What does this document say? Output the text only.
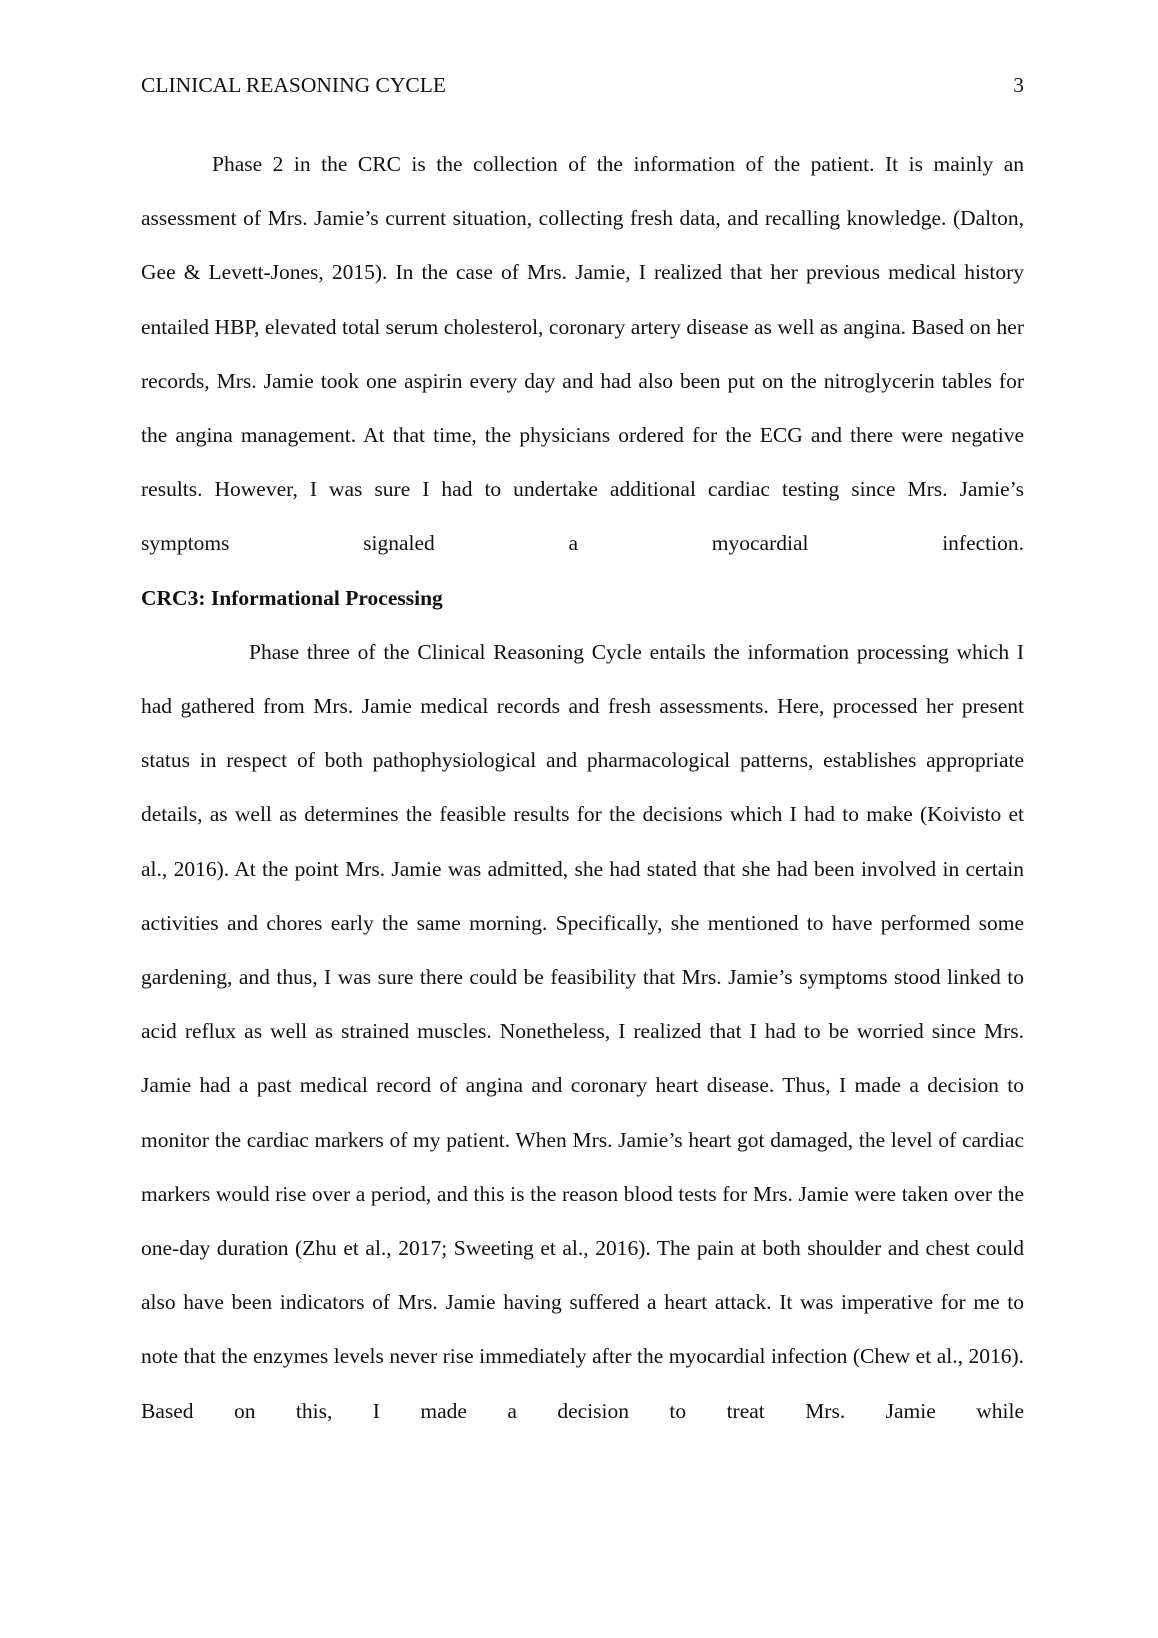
CLINICAL REASONING CYCLE	3

Phase 2 in the CRC is the collection of the information of the patient. It is mainly an assessment of Mrs. Jamie’s current situation, collecting fresh data, and recalling knowledge. (Dalton, Gee & Levett-Jones, 2015). In the case of Mrs. Jamie, I realized that her previous medical history entailed HBP, elevated total serum cholesterol, coronary artery disease as well as angina. Based on her records, Mrs. Jamie took one aspirin every day and had also been put on the nitroglycerin tables for the angina management. At that time, the physicians ordered for the ECG and there were negative results. However, I was sure I had to undertake additional cardiac testing since Mrs. Jamie’s symptoms signaled a myocardial infection.

CRC3: Informational Processing

Phase three of the Clinical Reasoning Cycle entails the information processing which I had gathered from Mrs. Jamie medical records and fresh assessments. Here, processed her present status in respect of both pathophysiological and pharmacological patterns, establishes appropriate details, as well as determines the feasible results for the decisions which I had to make (Koivisto et al., 2016). At the point Mrs. Jamie was admitted, she had stated that she had been involved in certain activities and chores early the same morning. Specifically, she mentioned to have performed some gardening, and thus, I was sure there could be feasibility that Mrs. Jamie’s symptoms stood linked to acid reflux as well as strained muscles. Nonetheless, I realized that I had to be worried since Mrs. Jamie had a past medical record of angina and coronary heart disease. Thus, I made a decision to monitor the cardiac markers of my patient. When Mrs. Jamie’s heart got damaged, the level of cardiac markers would rise over a period, and this is the reason blood tests for Mrs. Jamie were taken over the one-day duration (Zhu et al., 2017; Sweeting et al., 2016). The pain at both shoulder and chest could also have been indicators of Mrs. Jamie having suffered a heart attack. It was imperative for me to note that the enzymes levels never rise immediately after the myocardial infection (Chew et al., 2016). Based on this, I made a decision to treat Mrs. Jamie while
